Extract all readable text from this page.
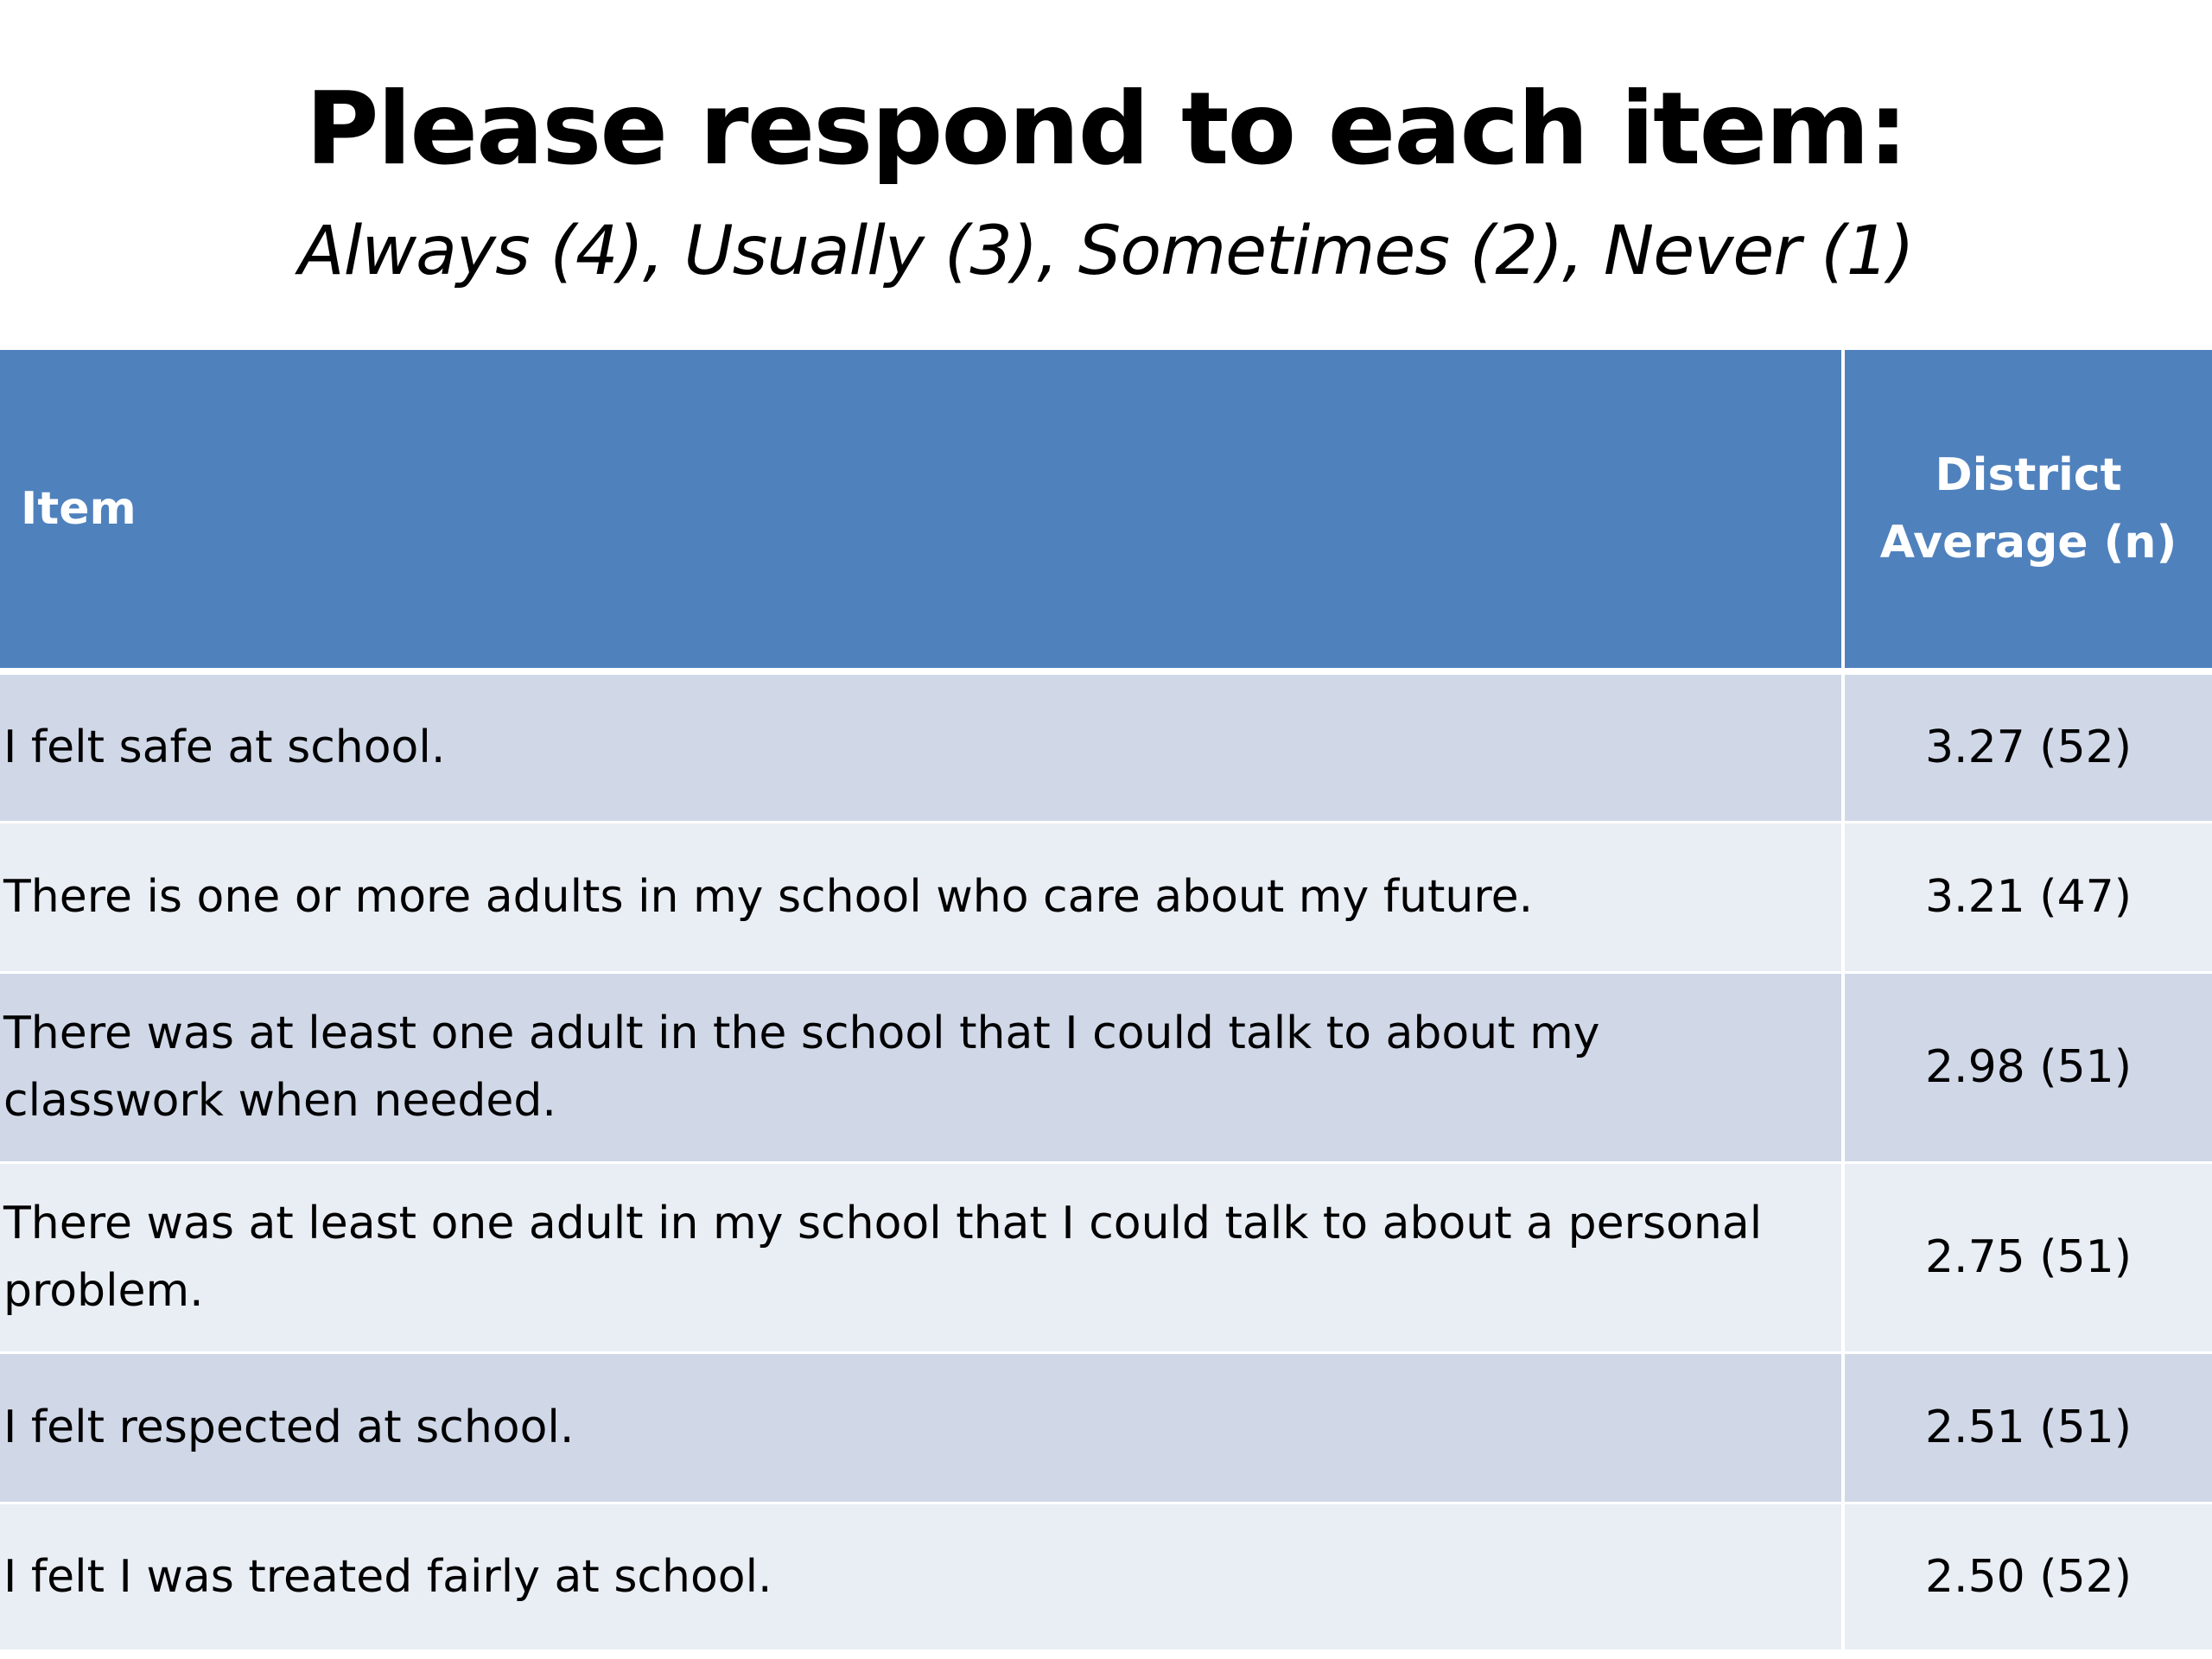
Please respond to each item:
Always (4), Usually (3), Sometimes (2), Never (1)
Item	District Average (n)
I felt safe at school.	3.27 (52)
There is one or more adults in my school who care about my future.	3.21 (47)
There was at least one adult in the school that I could talk to about my classwork when needed.	2.98 (51)
There was at least one adult in my school that I could talk to about a personal problem.	2.75 (51)
I felt respected at school.	2.51 (51)
I felt I was treated fairly at school.	2.50 (52)
